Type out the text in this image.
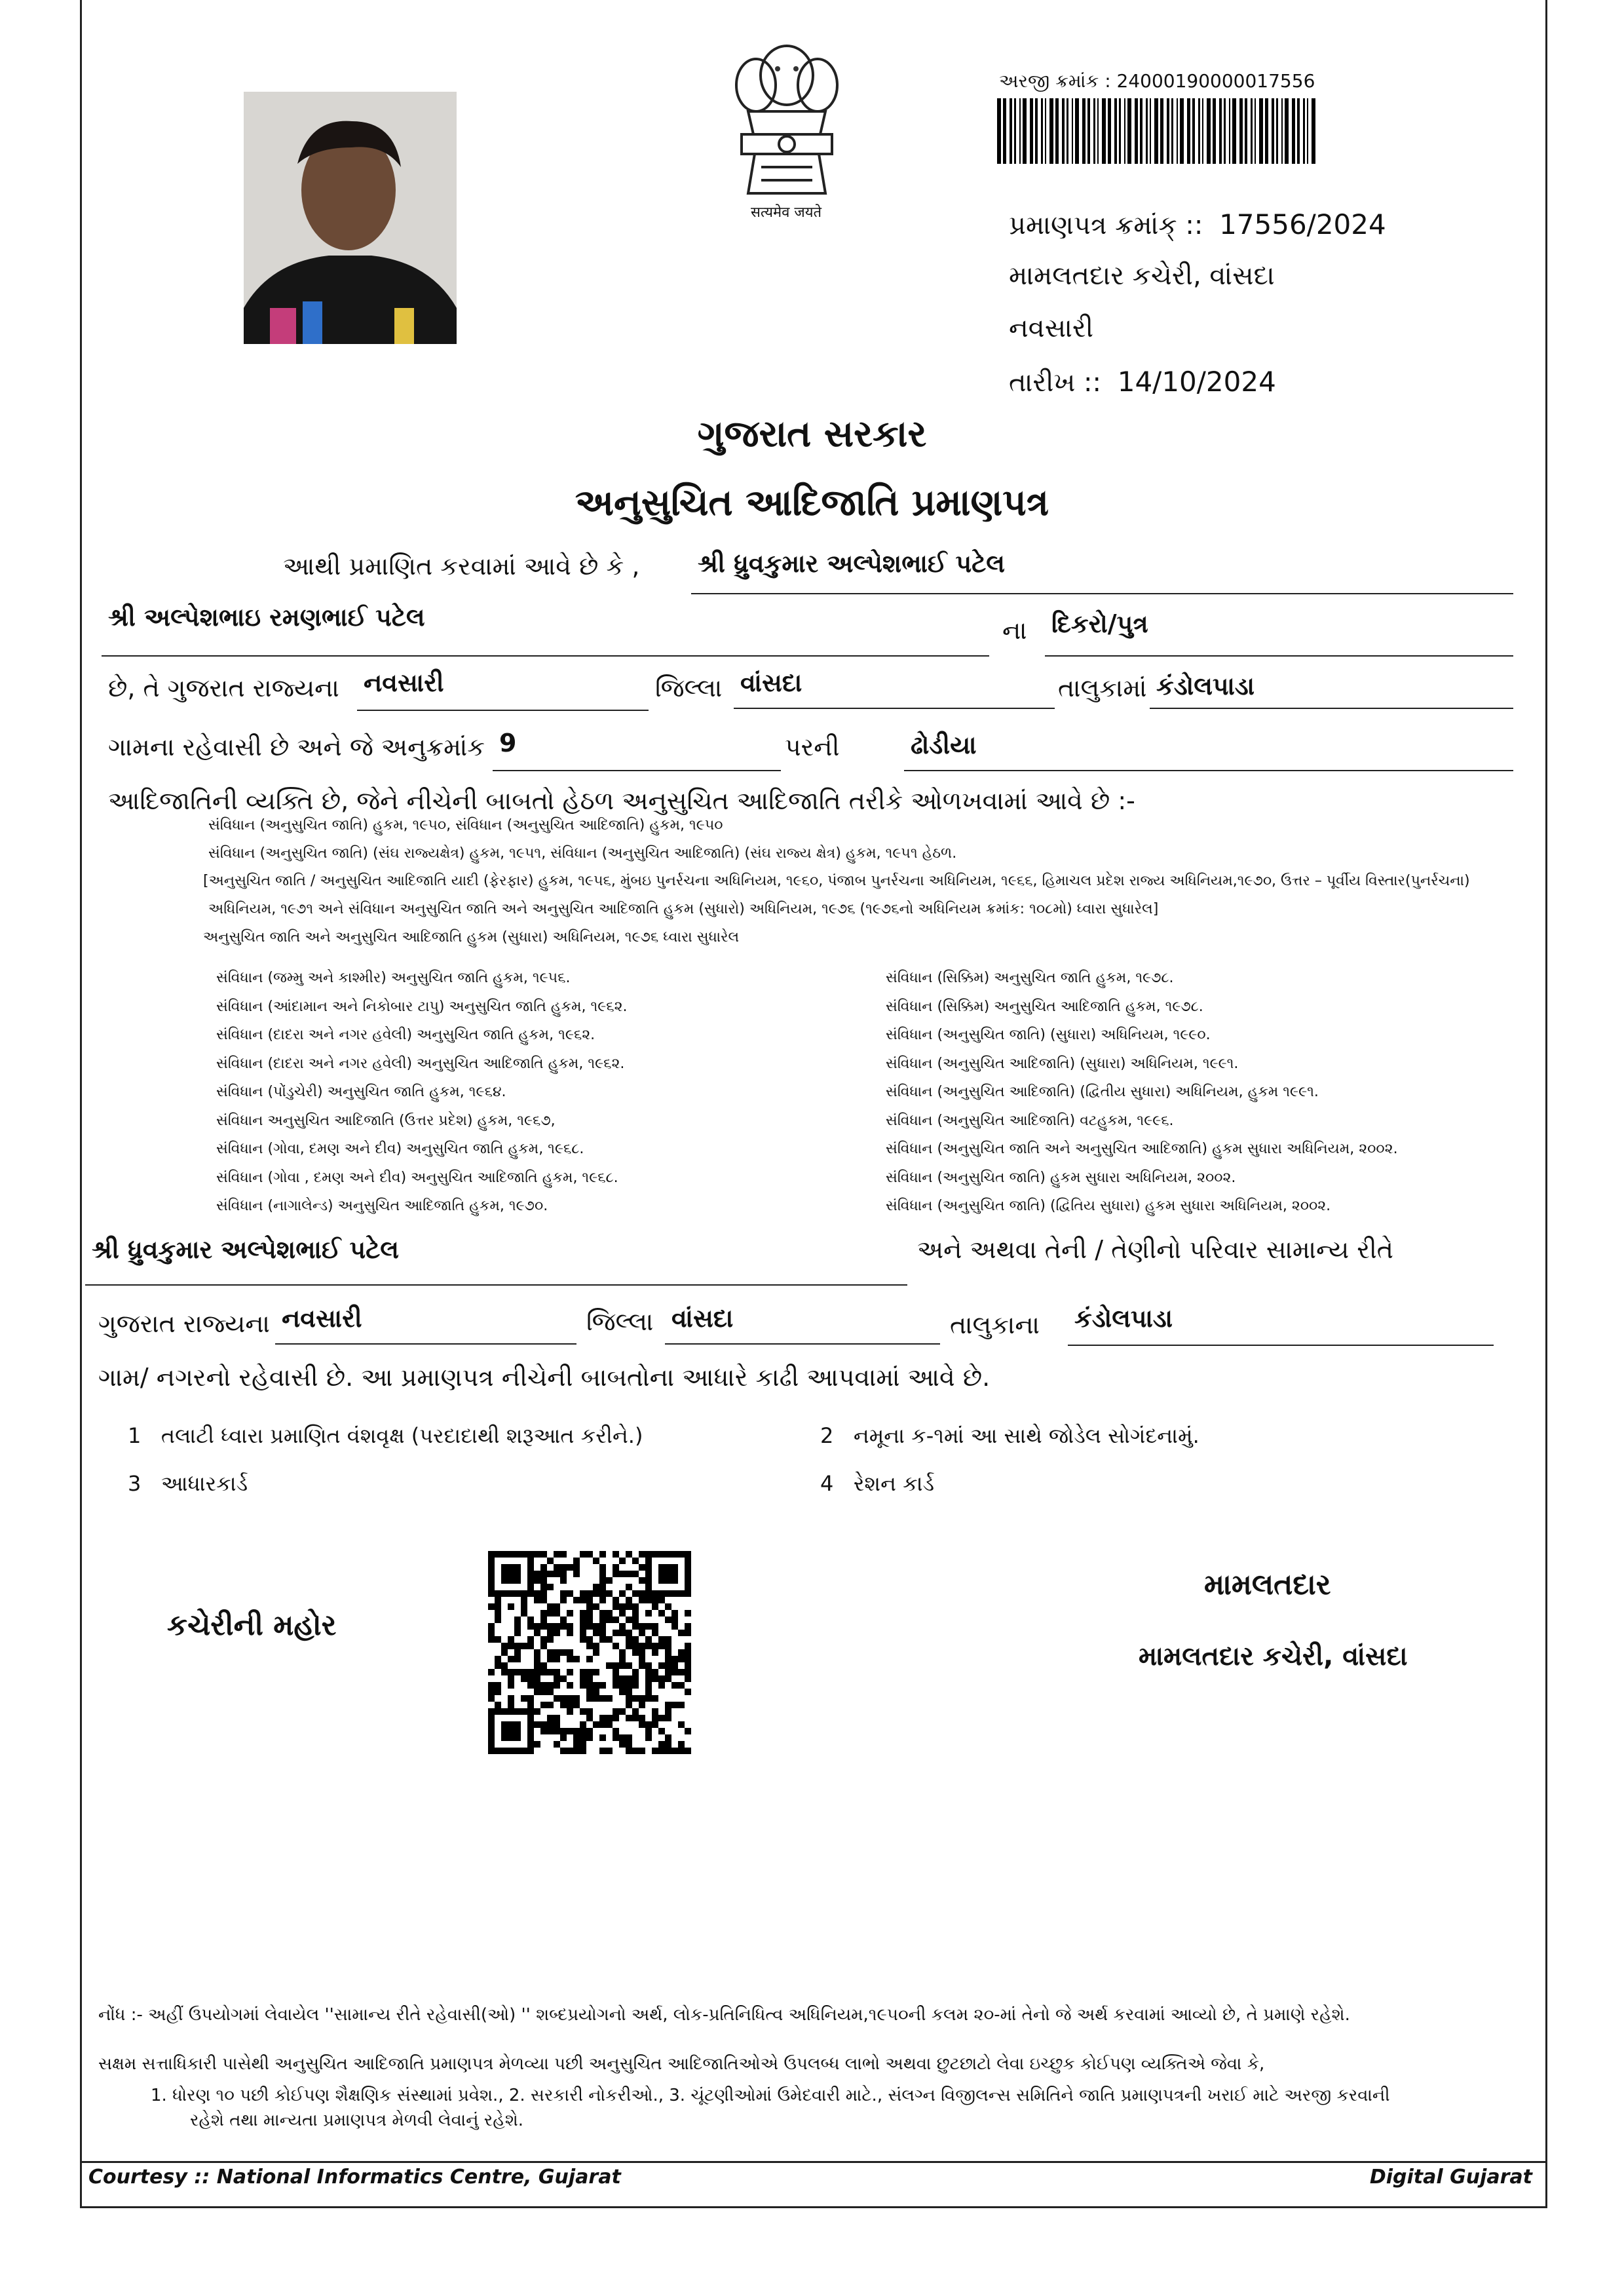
सत्यमेव जयते
અરજી ક્રમાંક : 24000190000017556
પ્રમાણપત્ર ક્રમાંક્ :: 17556/2024
મામલતદાર કચેરી, વાંસદા
નવસારી
તારીખ :: 14/10/2024
ગુજરાત સરકાર
અનુસુચિત આદિજાતિ પ્રમાણપત્ર
આથી પ્રમાણિત કરવામાં આવે છે કે , શ્રી ધ્રુવકુમાર અલ્પેશભાઈ પટેલ
શ્રી અલ્પેશભાઇ રમણભાઈ પટેલ	ના દિકરો/પુત્ર
છે, તે ગુજરાત રાજ્યના નવસારી	જિલ્લા વાંસદા	તાલુકામાં કંડોલપાડા
ગામના રહેવાસી છે અને જે અનુક્રમાંક 9	પરની	ઢોડીયા
આદિજાતિની વ્યક્તિ છે, જેને નીચેની બાબતો હેઠળ અનુસુચિત આદિજાતિ તરીકે ઓળખવામાં આવે છે :-
સંવિધાન (અનુસુચિત જાતિ) હુકમ, ૧૯૫૦, સંવિધાન (અનુસુચિત આદિજાતિ) હુકમ, ૧૯૫૦
સંવિધાન (અનુસુચિત જાતિ) (સંઘ રાજ્યક્ષેત્ર) હુકમ, ૧૯૫૧, સંવિધાન (અનુસુચિત આદિજાતિ) (સંઘ રાજ્ય ક્ષેત્ર) હુકમ, ૧૯૫૧ હેઠળ.
[અનુસુચિત જાતિ / અનુસુચિત આદિજાતિ યાદી (ફેરફાર) હુકમ, ૧૯૫૬, મુંબઇ પુનર્રચના અધિનિયમ, ૧૯૬૦, પંજાબ પુનર્રચના અધિનિયમ, ૧૯૬૬, હિમાચલ પ્રદેશ રાજ્ય અધિનિયમ,૧૯૭૦, ઉત્તર – પૂર્વીય વિસ્તાર(પુનર્રચના)
અધિનિયમ, ૧૯૭૧ અને સંવિધાન અનુસુચિત જાતિ અને અનુસુચિત આદિજાતિ હુકમ (સુધારો) અધિનિયમ, ૧૯૭૬ (૧૯૭૬નો અધિનિયમ ક્રમાંક: ૧૦૮મો) ધ્વારા સુધારેલ]
અનુસુચિત જાતિ અને અનુસુચિત આદિજાતિ હુકમ (સુધારા) અધિનિયમ, ૧૯૭૬ ધ્વારા સુધારેલ
સંવિધાન (જમ્મુ અને કાશ્મીર) અનુસુચિત જાતિ હુકમ, ૧૯૫૬.
સંવિધાન (આંદામાન અને નિકોબાર ટાપુ) અનુસુચિત જાતિ હુકમ, ૧૯૬૨.
સંવિધાન (દાદરા અને નગર હવેલી) અનુસુચિત જાતિ હુકમ, ૧૯૬૨.
સંવિધાન (દાદરા અને નગર હવેલી) અનુસુચિત આદિજાતિ હુકમ, ૧૯૬૨.
સંવિધાન (પોંડુચેરી) અનુસુચિત જાતિ હુકમ, ૧૯૬૪.
સંવિધાન અનુસુચિત આદિજાતિ (ઉત્તર પ્રદેશ) હુકમ, ૧૯૬૭,
સંવિધાન (ગોવા, દમણ અને દીવ) અનુસુચિત જાતિ હુકમ, ૧૯૬૮.
સંવિધાન (ગોવા , દમણ અને દીવ) અનુસુચિત આદિજાતિ હુકમ, ૧૯૬૮.
સંવિધાન (નાગાલેન્ડ) અનુસુચિત આદિજાતિ હુકમ, ૧૯૭૦.
સંવિધાન (સિક્કિમ) અનુસુચિત જાતિ હુકમ, ૧૯૭૮.
સંવિધાન (સિક્કિમ) અનુસુચિત આદિજાતિ હુકમ, ૧૯૭૮.
સંવિધાન (અનુસુચિત જાતિ) (સુધારા) અધિનિયમ, ૧૯૯૦.
સંવિધાન (અનુસુચિત આદિજાતિ) (સુધારા) અધિનિયમ, ૧૯૯૧.
સંવિધાન (અનુસુચિત આદિજાતિ) (દ્વિતીય સુધારા) અધિનિયમ, હુકમ ૧૯૯૧.
સંવિધાન (અનુસુચિત આદિજાતિ) વટહુકમ, ૧૯૯૬.
સંવિધાન (અનુસુચિત જાતિ અને અનુસુચિત આદિજાતિ) હુકમ સુધારા અધિનિયમ, ૨૦૦૨.
સંવિધાન (અનુસુચિત જાતિ) હુકમ સુધારા અધિનિયમ, ૨૦૦૨.
સંવિધાન (અનુસુચિત જાતિ) (દ્વિતિય સુધારા) હુકમ સુધારા અધિનિયમ, ૨૦૦૨.
શ્રી ધ્રુવકુમાર અલ્પેશભાઈ પટેલ	અને અથવા તેની / તેણીનો પરિવાર સામાન્ય રીતે
ગુજરાત રાજ્યના નવસારી	જિલ્લા વાંસદા	તાલુકાના કંડોલપાડા
ગામ/ નગરનો રહેવાસી છે. આ પ્રમાણપત્ર નીચેની બાબતોના આધારે કાઢી આપવામાં આવે છે.
1 તલાટી ધ્વારા પ્રમાણિત વંશવૃક્ષ (પરદાદાથી શરૂઆત કરીને.)	2 નમૂના ક-૧માં આ સાથે જોડેલ સોગંદનામું.
3 આધારકાર્ડ	4 રેશન કાર્ડ
કચેરીની મહોર
મામલતદાર
મામલતદાર કચેરી, વાંસદા
નોંધ :- અહીં ઉપયોગમાં લેવાયેલ ''સામાન્ય રીતે રહેવાસી(ઓ) '' શબ્દપ્રયોગનો અર્થ, લોક-પ્રતિનિધિત્વ અધિનિયમ,૧૯૫૦ની કલમ ૨૦-માં તેનો જે અર્થ કરવામાં આવ્યો છે, તે પ્રમાણે રહેશે.
સક્ષમ સત્તાધિકારી પાસેથી અનુસુચિત આદિજાતિ પ્રમાણપત્ર મેળવ્યા પછી અનુસુચિત આદિજાતિઓએ ઉપલબ્ધ લાભો અથવા છુટછાટો લેવા ઇચ્છુક કોઈપણ વ્યક્તિએ જેવા કે,
1. ધોરણ ૧૦ પછી કોઈપણ શૈક્ષણિક સંસ્થામાં પ્રવેશ., 2. સરકારી નોકરીઓ., 3. ચૂંટણીઓમાં ઉમેદવારી માટે., સંલગ્ન વિજીલન્સ સમિતિને જાતિ પ્રમાણપત્રની ખરાઈ માટે અરજી કરવાની
રહેશે તથા માન્યતા પ્રમાણપત્ર મેળવી લેવાનું રહેશે.
Courtesy :: National Informatics Centre, Gujarat	Digital Gujarat
